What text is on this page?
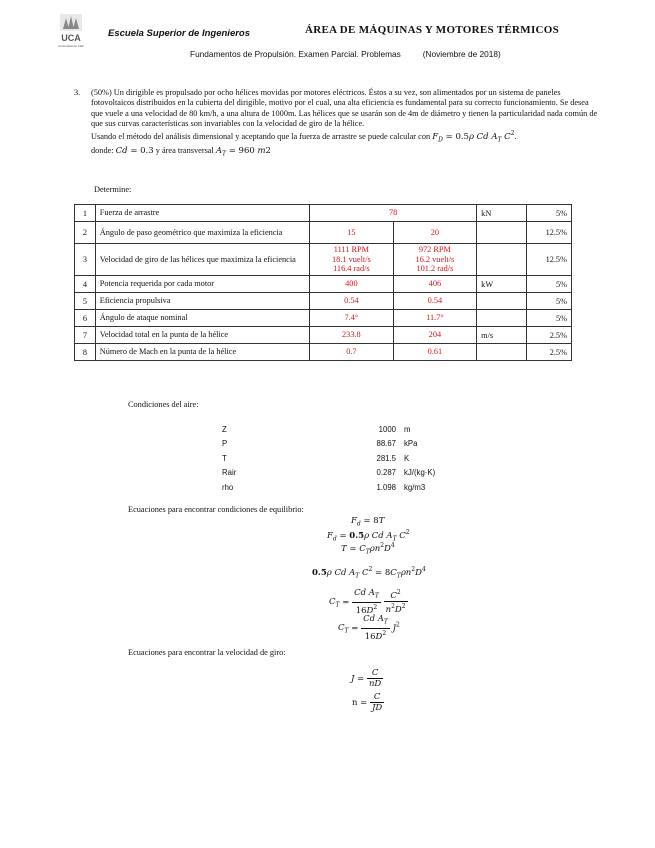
UCA
Universidad de Cádiz
Escuela Superior de Ingenieros	ÁREA DE MÁQUINAS Y MOTORES TÉRMICOS
Fundamentos de Propulsión. Examen Parcial. Problemas	(Noviembre de 2018)
3. (50%) Un dirigible es propulsado por ocho hélices movidas por motores eléctricos. Éstos a su vez, son alimentados por un sistema de paneles fotovoltaicos distribuidos en la cubierta del dirigible, motivo por el cual, una alta eficiencia es fundamental para su correcto funcionamiento. Se desea que vuele a una velocidad de 80 km/h, a una altura de 1000m. Las hélices que se usarán son de 4m de diámetro y tienen la particularidad nada común de que sus curvas características son invariables con la velocidad de giro de la hélice.

Usando el método del análisis dimensional y aceptando que la fuerza de arrastre se puede calcular con $F_D = 0.5\rho$ Cd $A_T$ $C^2$.

donde: Cd = 0.3 y área transversal $A_T = 960$ m2

Determine:
1	Fuerza de arrastre	78		kN	5%
2	Ángulo de paso geométrico que maximiza la eficiencia	15	20		12.5%
3	Velocidad de giro de las hélices que maximiza la eficiencia	1111 RPM
18.1 vuelt/s
116.4 rad/s	972 RPM
16.2 vuelt/s
101.2 rad/s		12.5%
4	Potencia requerida por cada motor	400	406	kW	5%
5	Eficiencia propulsiva	0.54	0.54		5%
6	Ángulo de ataque nominal	7.4°	11.7°		5%
7	Velocidad total en la punta de la hélice	233.8	204	m/s	2.5%
8	Número de Mach en la punta de la hélice	0.7	0.61		2.5%
Condiciones del aire:
Z	1000	m
P	88.67	kPa
T	281.5	K
Rair	0.287	kJ/(kg·K)
rho	1.098	kg/m3
Ecuaciones para encontrar condiciones de equilibrio:
$F_d = 8T$
$F_d = 0.5\rho$ Cd $A_T$ $C^2$
$T = C_T\rho n^2D^4$
0.5ρ Cd $A_T$ $C^2 = 8C_T\rho n^2D^4$
$C_T = \frac{Cd A_T}{16D^2}$
$\frac{C^2}{n^2D^2}$
$C_T = \frac{Cd A_T}{16D^2} J^2$
Ecuaciones para encontrar la velocidad de giro:
$J = \frac{C}{nD}$
$n = \frac{C}{JD}$
